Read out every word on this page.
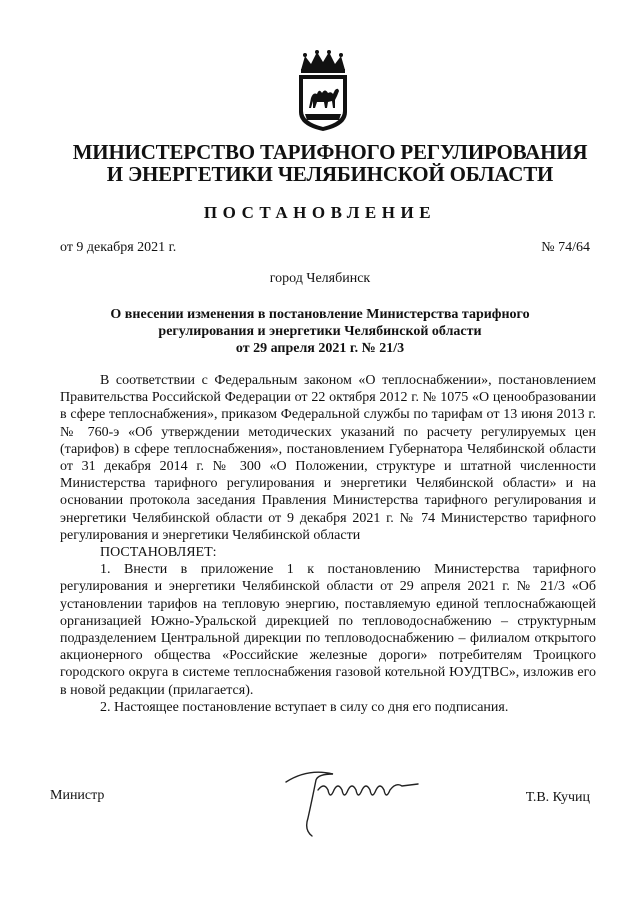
МИНИСТЕРСТВО ТАРИФНОГО РЕГУЛИРОВАНИЯ
И ЭНЕРГЕТИКИ ЧЕЛЯБИНСКОЙ ОБЛАСТИ
ПОСТАНОВЛЕНИЕ
от 9 декабря 2021 г.	№ 74/64
город Челябинск
О внесении изменения в постановление Министерства тарифного
регулирования и энергетики Челябинской области
от 29 апреля 2021 г. № 21/3

В соответствии с Федеральным законом «О теплоснабжении», постановлением Правительства Российской Федерации от 22 октября 2012 г. № 1075 «О ценообразовании в сфере теплоснабжения», приказом Федеральной службы по тарифам от 13 июня 2013 г. № 760-э «Об утверждении методических указаний по расчету регулируемых цен (тарифов) в сфере теплоснабжения», постановлением Губернатора Челябинской области от 31 декабря 2014 г. № 300 «О Положении, структуре и штатной численности Министерства тарифного регулирования и энергетики Челябинской области» и на основании протокола заседания Правления Министерства тарифного регулирования и энергетики Челябинской области от 9 декабря 2021 г. № 74 Министерство тарифного регулирования и энергетики Челябинской области

ПОСТАНОВЛЯЕТ:

1. Внести в приложение 1 к постановлению Министерства тарифного регулирования и энергетики Челябинской области от 29 апреля 2021 г. № 21/3 «Об установлении тарифов на тепловую энергию, поставляемую единой теплоснабжающей организацией Южно-Уральской дирекцией по тепловодоснабжению – структурным подразделением Центральной дирекции по тепловодоснабжению – филиалом открытого акционерного общества «Российские железные дороги» потребителям Троицкого городского округа в системе теплоснабжения газовой котельной ЮУДТВС», изложив его в новой редакции (прилагается).

2. Настоящее постановление вступает в силу со дня его подписания.

Министр	Т.В. Кучиц
